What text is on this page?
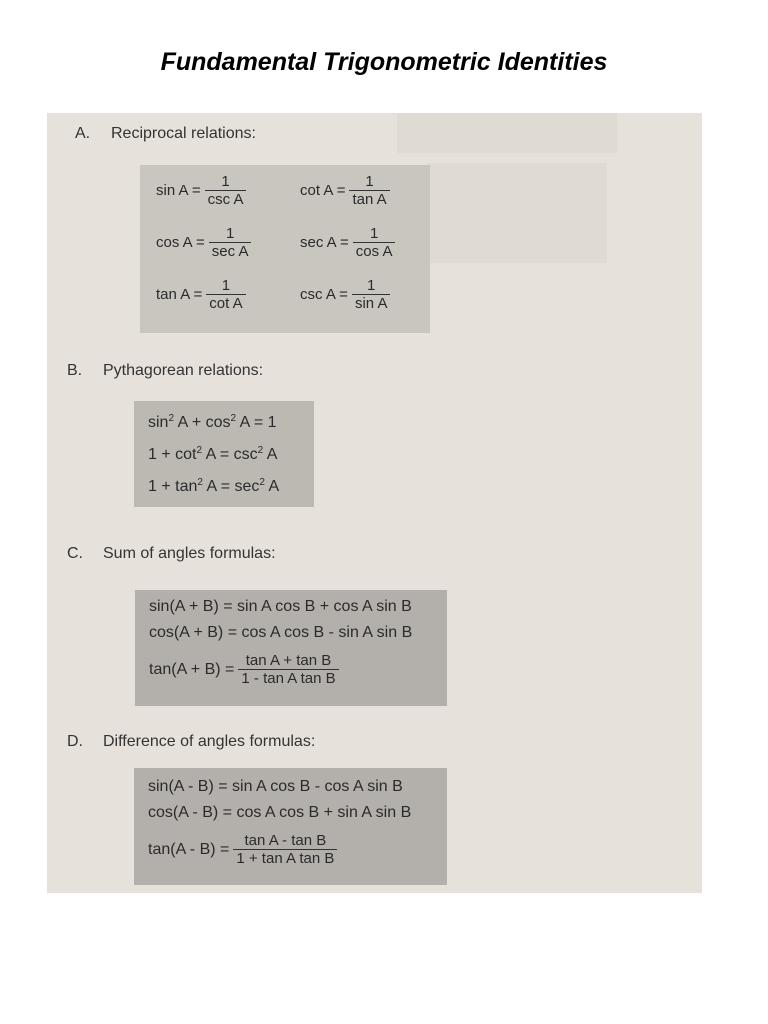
Fundamental Trigonometric Identities
A. Reciprocal relations:
$\sin A = \frac{1}{\text{csc A}}$	$\cot A = \frac{1}{\text{tan A}}$
$\cos A = \frac{1}{\text{sec A}}$	$\sec A = \frac{1}{\text{cos A}}$
$\tan A = \frac{1}{\text{cot A}}$	$\csc A = \frac{1}{\text{sin A}}$
B. Pythagorean relations:
$\sin^2 A + \cos^2 A = 1$
$1 + \cot^2 A = \csc^2 A$
$1 + \tan^2 A = \sec^2 A$
C. Sum of angles formulas:
sin(A + B) = sin A cos B + cos A sin B
cos(A + B) = cos A cos B - sin A sin B
$\tan(A + B) = \frac{\text{tan A + tan B}}{\text{1 - tan A tan B}}$
D. Difference of angles formulas:
sin(A - B) = sin A cos B - cos A sin B
cos(A - B) = cos A cos B + sin A sin B
$\tan(A - B) = \frac{\text{tan A - tan B}}{\text{1 + tan A tan B}}$
